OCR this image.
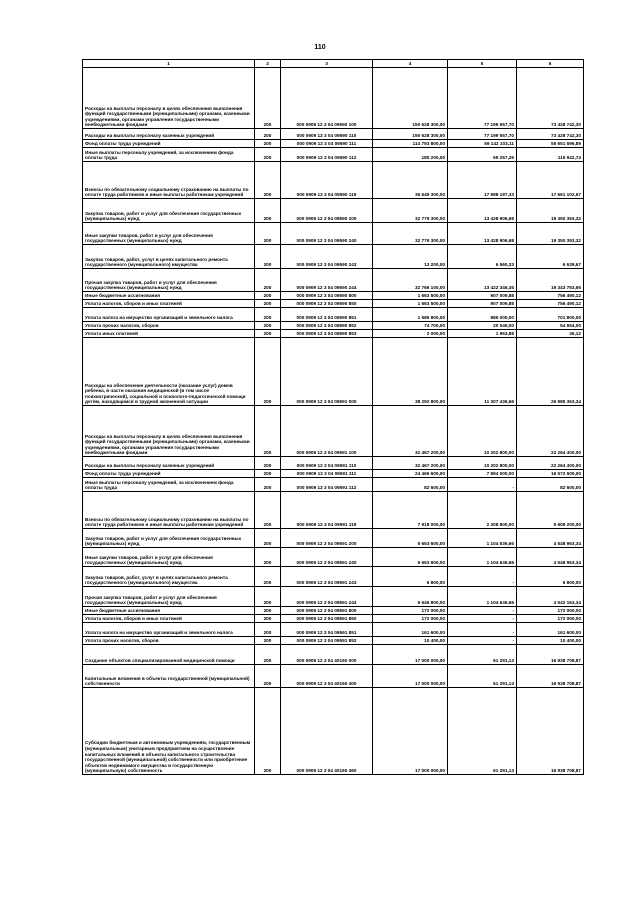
110
1	2	3	4	5	6
Расходы на выплаты персоналу в целях обеспечения выполнения функций государственными (муниципальными) органами, казенными учреждениями, органами управления государственными внебюджетными фондами	200	000 0909 12 3 04 09590 100	150 628 300,00	77 199 557,70	73 428 742,30
Расходы на выплаты персоналу казенных учреждений	200	000 0909 12 3 04 09590 110	150 628 300,00	77 199 557,70	73 428 742,30
Фонд оплаты труда учреждений	200	000 0909 12 3 04 09590 111	114 793 800,00	59 142 103,11	55 651 696,89
Иные выплаты персоналу учреждений, за исключением фонда оплаты труда	200	000 0909 12 3 04 09590 112	185 200,00	69 257,26	115 942,74
Взносы по обязательному социальному страхованию на выплаты по оплате труда работников и иные выплаты работникам учреждений	200	000 0909 12 3 04 09590 119	35 649 300,00	17 988 197,33	17 661 102,67
Закупка товаров, работ и услуг для обеспечения государственных (муниципальных) нужд	200	000 0909 12 3 04 09590 200	32 779 300,00	13 428 906,68	19 350 393,32
Иные закупки товаров, работ и услуг для обеспечения государственных (муниципальных) нужд	200	000 0909 12 3 04 09590 240	32 779 300,00	13 428 906,68	19 350 393,32
Закупка товаров, работ, услуг в целях капитального ремонта государственного (муниципального) имущества	200	000 0909 12 3 04 09590 243	13 200,00	6 560,33	6 639,67
Прочая закупка товаров, работ и услуг для обеспечения государственных (муниципальных) нужд	200	000 0909 12 3 04 09590 244	32 766 100,00	13 422 346,35	19 343 753,65
Иные бюджетные ассигнования	200	000 0909 12 3 04 09590 800	1 663 500,00	907 009,88	756 490,12
Уплата налогов, сборов и иных платежей	200	000 0909 12 3 04 09590 850	1 663 500,00	907 009,88	756 490,12
Уплата налога на имущество организаций и земельного налога	200	000 0909 12 3 04 09590 851	1 586 800,00	885 000,00	701 800,00
Уплата прочих налогов, сборов	200	000 0909 12 3 04 09590 852	74 700,00	20 046,00	54 654,00
Уплата иных платежей	200	000 0909 12 3 04 09590 853	2 000,00	1 963,88	36,12
Расходы на обеспечение деятельности (оказание услуг) домов ребенка, в части оказания медицинской (в том числе психиатрической), социальной и психолого-педагогической помощи детям, находящимся в трудной жизненной ситуации	200	000 0909 12 3 04 09591 000	38 292 800,00	11 307 436,66	26 985 363,34
Расходы на выплаты персоналу в целях обеспечения выполнения функций государственными (муниципальными) органами, казенными учреждениями, органами управления государственными внебюджетными фондами	200	000 0909 12 3 04 09591 100	32 467 200,00	10 202 800,00	22 264 400,00
Расходы на выплаты персоналу казенных учреждений	200	000 0909 12 3 04 09591 110	32 467 200,00	10 202 800,00	22 264 400,00
Фонд оплаты труда учреждений	200	000 0909 12 3 04 09591 111	24 466 600,00	7 894 000,00	16 572 600,00
Иные выплаты персоналу учреждений, за исключением фонда оплаты труда	200	000 0909 12 3 04 09591 112	82 600,00	-	82 600,00
Взносы по обязательному социальному страхованию на выплаты по оплате труда работников и иные выплаты работникам учреждений	200	000 0909 12 3 04 09591 119	7 918 000,00	2 308 800,00	5 609 200,00
Закупка товаров, работ и услуг для обеспечения государственных (муниципальных) нужд	200	000 0909 12 3 04 09591 200	5 653 600,00	1 104 636,66	4 548 963,34
Иные закупки товаров, работ и услуг для обеспечения государственных (муниципальных) нужд	200	000 0909 12 3 04 09591 240	5 653 600,00	1 104 636,66	4 548 963,34
Закупка товаров, работ, услуг в целях капитального ремонта государственного (муниципального) имущества	200	000 0909 12 3 04 09591 243	6 800,00	-	6 800,00
Прочая закупка товаров, работ и услуг для обеспечения государственных (муниципальных) нужд	200	000 0909 12 3 04 09591 244	5 646 800,00	1 104 636,66	4 542 163,34
Иные бюджетные ассигнования	200	000 0909 12 3 04 09591 800	172 000,00	-	172 000,00
Уплата налогов, сборов и иных платежей	200	000 0909 12 3 04 09591 850	172 000,00	-	172 000,00
Уплата налога на имущество организаций и земельного налога	200	000 0909 12 3 04 09591 851	161 600,00	-	161 600,00
Уплата прочих налогов, сборов	200	000 0909 12 3 04 09591 852	10 400,00	-	10 400,00
Создание объектов специализированной медицинской помощи	200	000 0909 12 3 04 40160 000	17 000 000,00	61 291,13	16 938 708,87
Капитальные вложения в объекты государственной (муниципальной) собственности	200	000 0909 12 3 04 40160 400	17 000 000,00	61 291,13	16 938 708,87
Субсидии бюджетным и автономным учреждениям, государственным (муниципальным) унитарным предприятиям на осуществление капитальных вложений в объекты капитального строительства государственной (муниципальной) собственности или приобретение объектов недвижимого имущества в государственную (муниципальную) собственность	200	000 0909 12 3 04 40160 460	17 000 000,00	61 291,13	16 938 708,87
